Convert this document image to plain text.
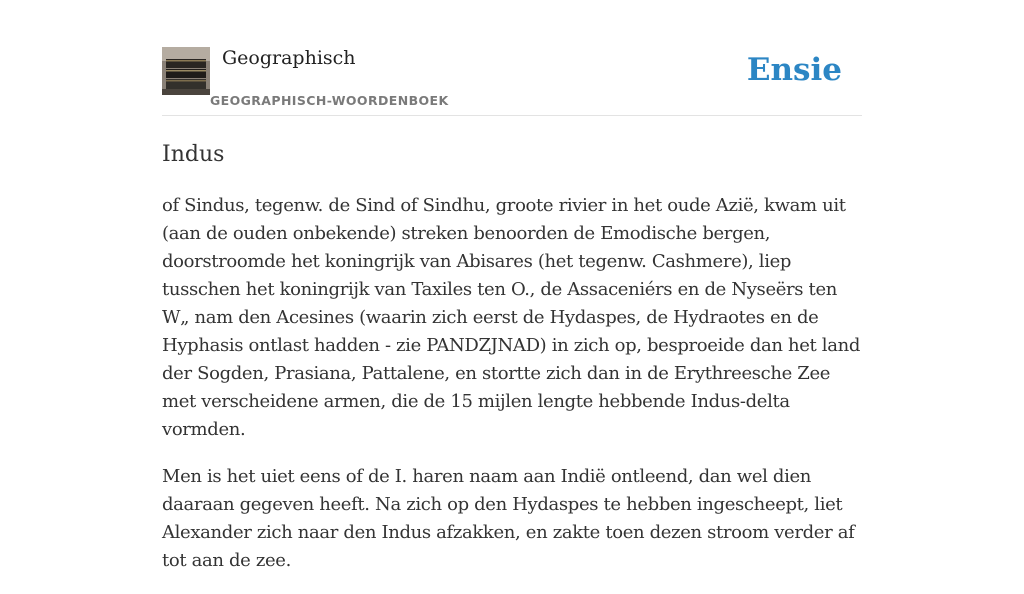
Geographisch
GEOGRAPHISCH-WOORDENBOEK
Ensie
Indus

of Sindus, tegenw. de Sind of Sindhu, groote rivier in het oude Azië, kwam uit (aan de ouden onbekende) streken benoorden de Emodische bergen, doorstroomde het koningrijk van Abisares (het tegenw. Cashmere), liep tusschen het koningrijk van Taxiles ten O., de Assaceniérs en de Nyseërs ten W„ nam den Acesines (waarin zich eerst de Hydaspes, de Hydraotes en de Hyphasis ontlast hadden - zie PANDZJNAD) in zich op, besproeide dan het land der Sogden, Prasiana, Pattalene, en stortte zich dan in de Erythreesche Zee met verscheidene armen, die de 15 mijlen lengte hebbende Indus-delta vormden.

Men is het uiet eens of de I. haren naam aan Indië ontleend, dan wel dien daaraan gegeven heeft. Na zich op den Hydaspes te hebben ingescheept, liet Alexander zich naar den Indus afzakken, en zakte toen dezen stroom verder af tot aan de zee.
